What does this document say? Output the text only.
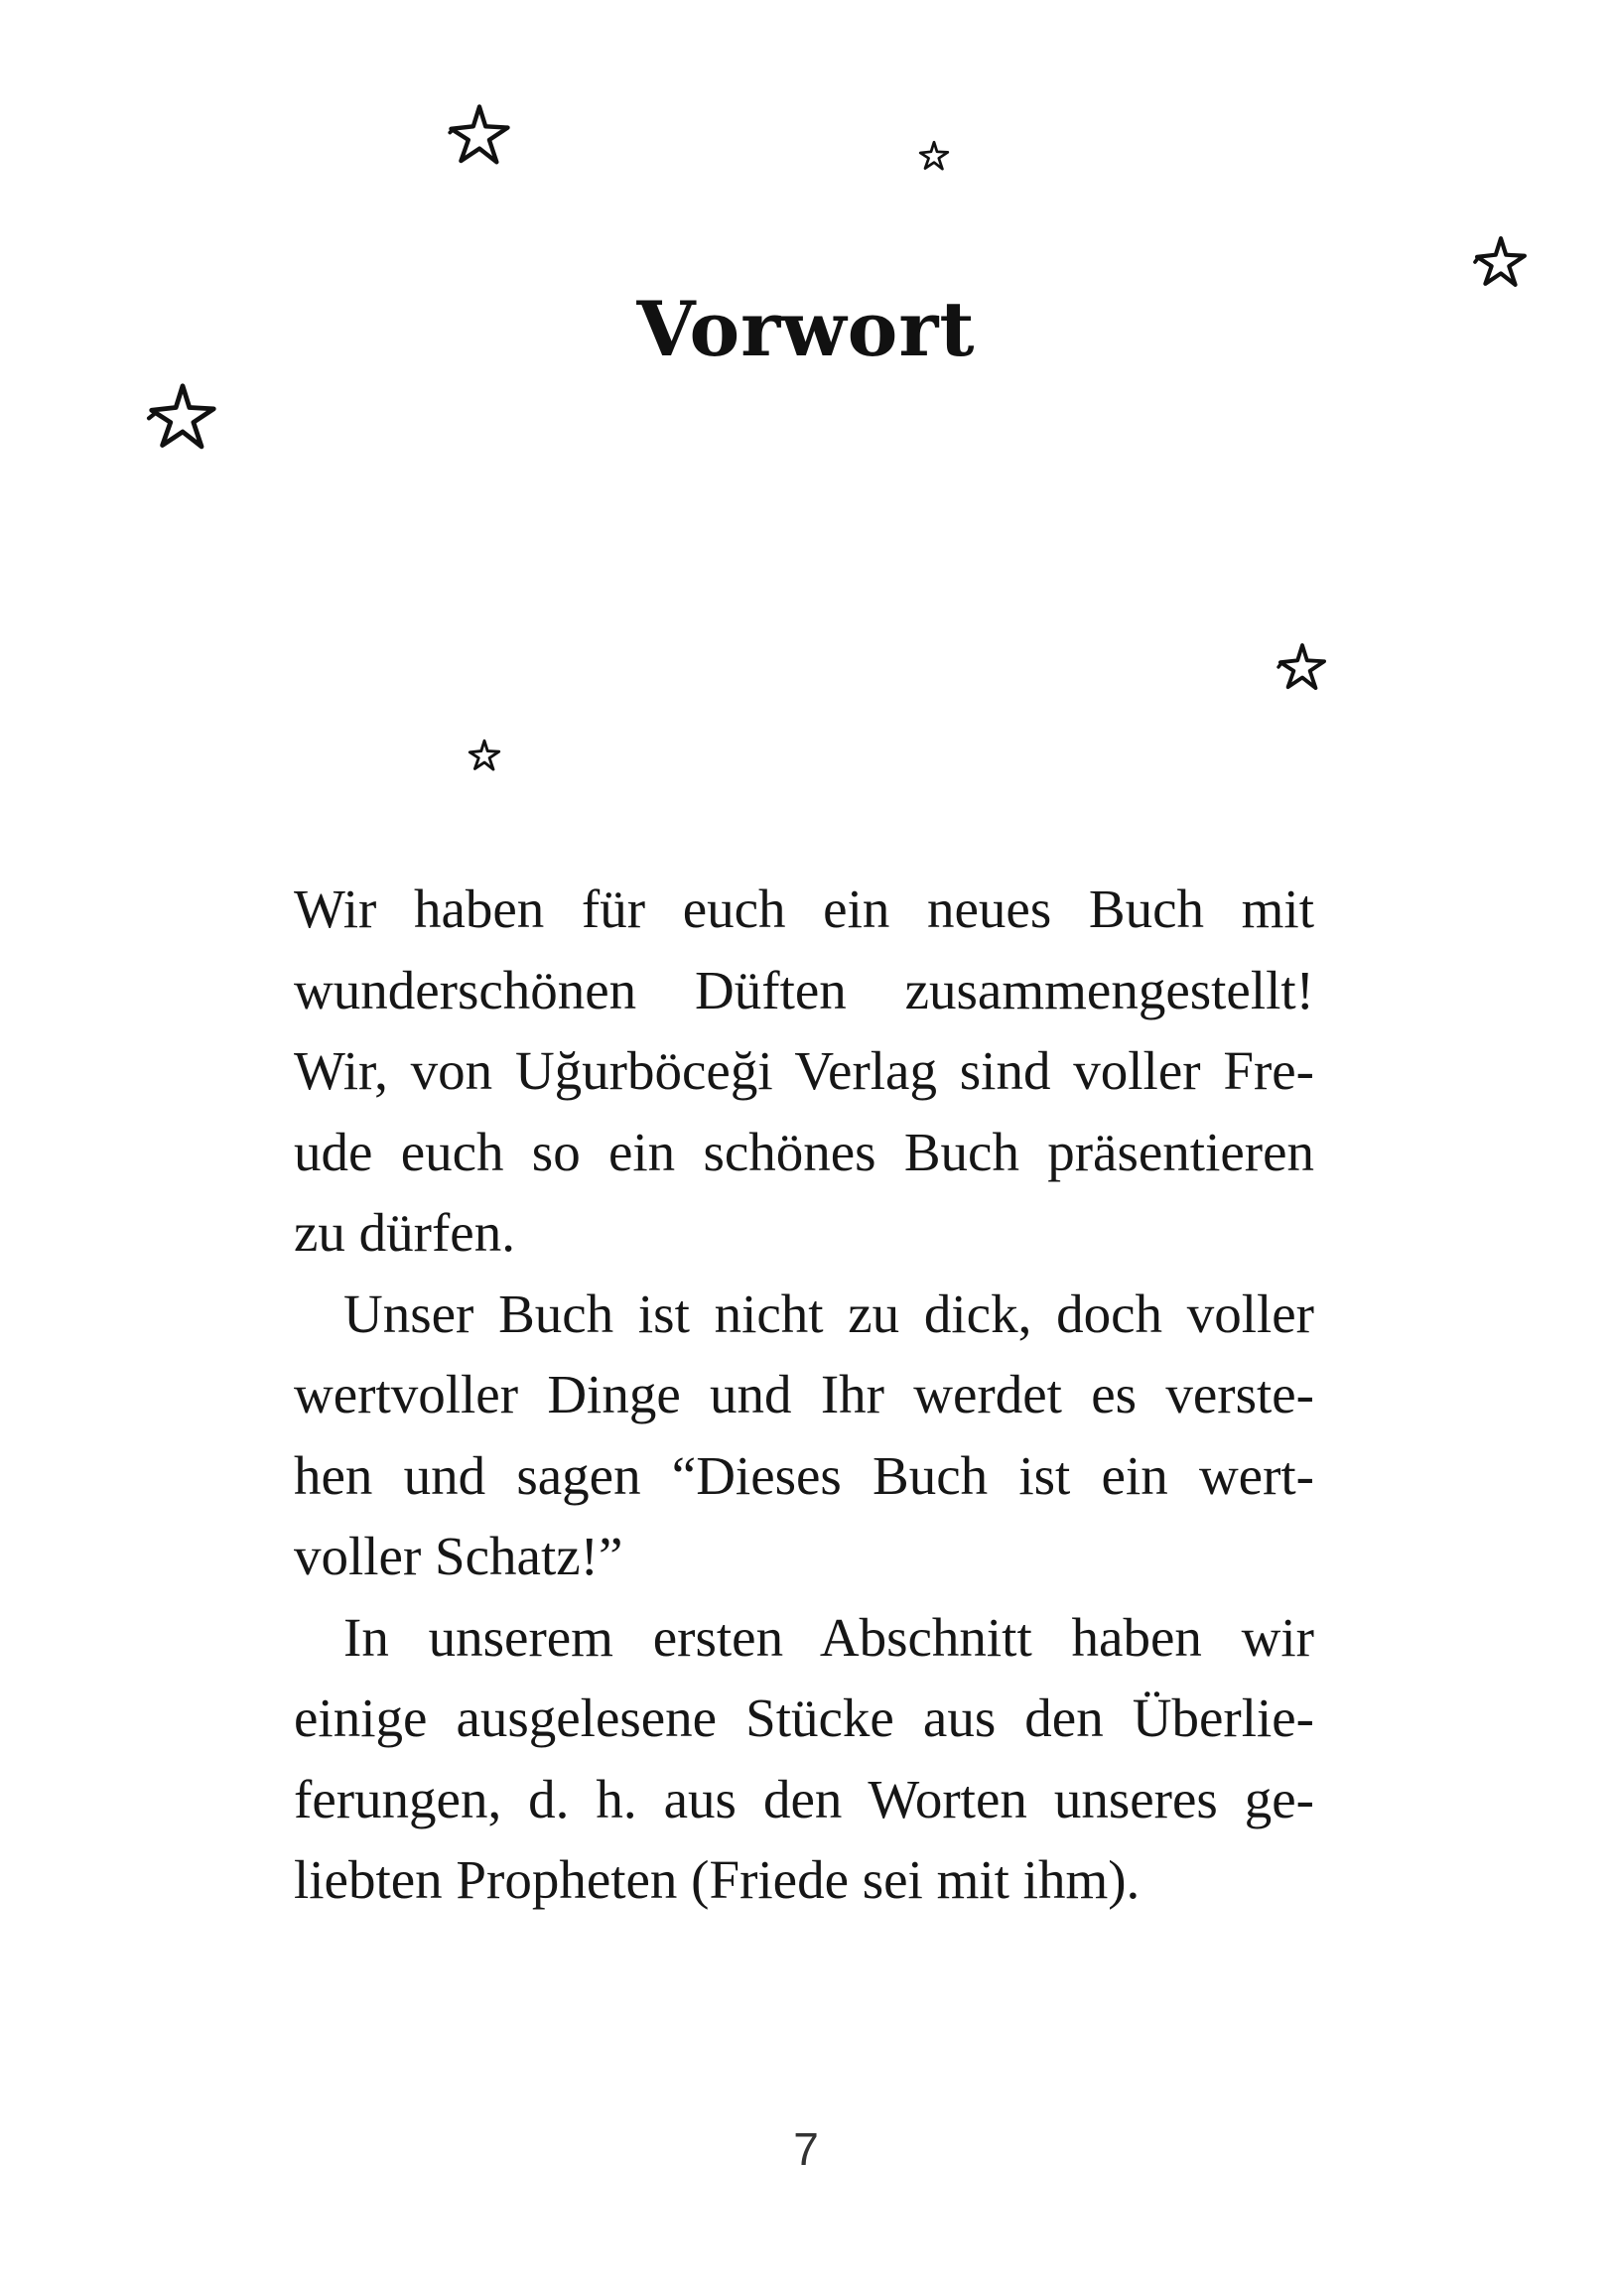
Vorwort
Wir haben für euch ein neues Buch mit
wunderschönen Düften zusammengestellt!
Wir, von Uğurböceği Verlag sind voller Fre-
ude euch so ein schönes Buch präsentieren
zu dürfen.
Unser Buch ist nicht zu dick, doch voller
wertvoller Dinge und Ihr werdet es verste-
hen und sagen “Dieses Buch ist ein wert-
voller Schatz!”
In unserem ersten Abschnitt haben wir
einige ausgelesene Stücke aus den Überlie-
ferungen, d. h. aus den Worten unseres ge-
liebten Propheten (Friede sei mit ihm).
7
